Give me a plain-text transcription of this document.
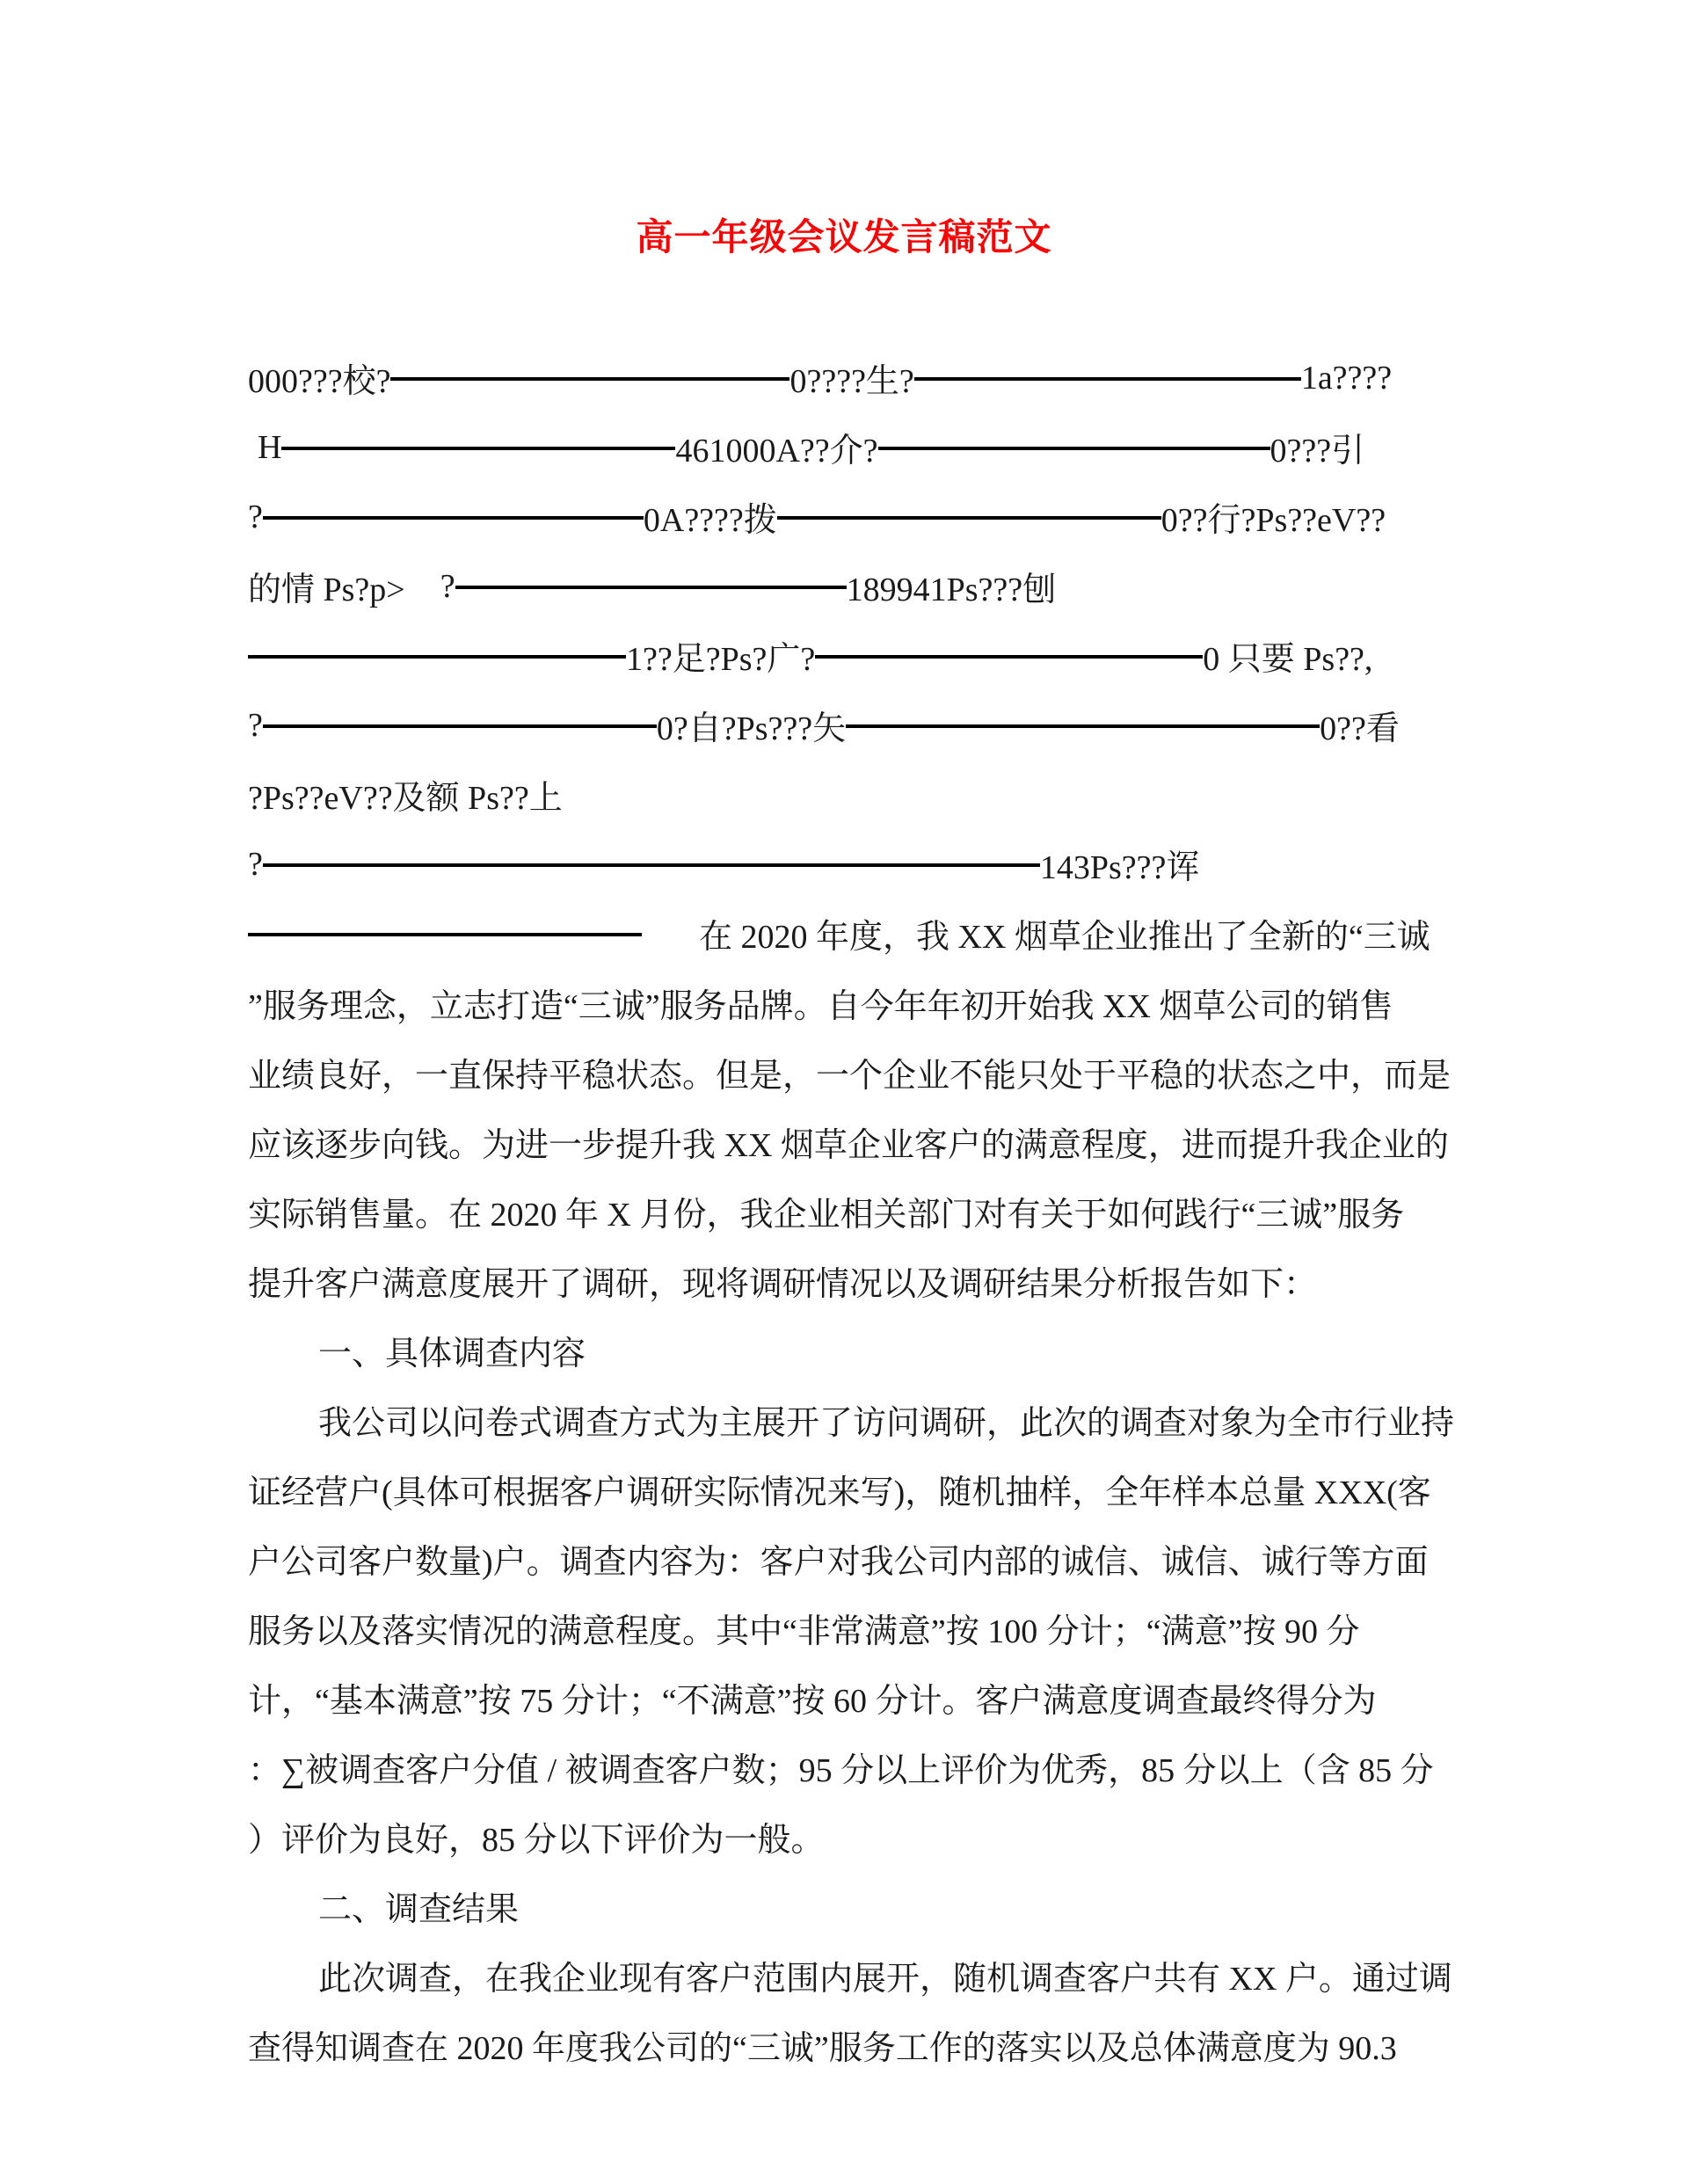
高一年级会议发言稿范文
000???校?	0????生?	1a????
H	461000A??介?	0???引
?	0A????拨	0??行?Ps??eV??
的情 Ps?p> ?	189941Ps???刨
1??足?Ps?广?	0 只要 Ps??,
?	0?自?Ps???矢	0??看
?Ps??eV??及额 Ps??上
?	143Ps???诨
在 2020 年度，我 XX 烟草企业推出了全新的“三诚
”服务理念，立志打造“三诚”服务品牌。自今年年初开始我 XX 烟草公司的销售
业绩良好，一直保持平稳状态。但是，一个企业不能只处于平稳的状态之中，而是
应该逐步向钱。为进一步提升我 XX 烟草企业客户的满意程度，进而提升我企业的
实际销售量。在 2020 年 X 月份，我企业相关部门对有关于如何践行“三诚”服务
提升客户满意度展开了调研，现将调研情况以及调研结果分析报告如下：
一、具体调查内容
我公司以问卷式调查方式为主展开了访问调研，此次的调查对象为全市行业持
证经营户(具体可根据客户调研实际情况来写)，随机抽样，全年样本总量 XXX(客
户公司客户数量)户。调查内容为：客户对我公司内部的诚信、诚信、诚行等方面
服务以及落实情况的满意程度。其中“非常满意”按 100 分计；“满意”按 90 分
计，“基本满意”按 75 分计；“不满意”按 60 分计。客户满意度调查最终得分为
：∑被调查客户分值 / 被调查客户数；95 分以上评价为优秀，85 分以上（含 85 分
）评价为良好，85 分以下评价为一般。
二、调查结果
此次调查，在我企业现有客户范围内展开，随机调查客户共有 XX 户。通过调
查得知调查在 2020 年度我公司的“三诚”服务工作的落实以及总体满意度为 90.3
